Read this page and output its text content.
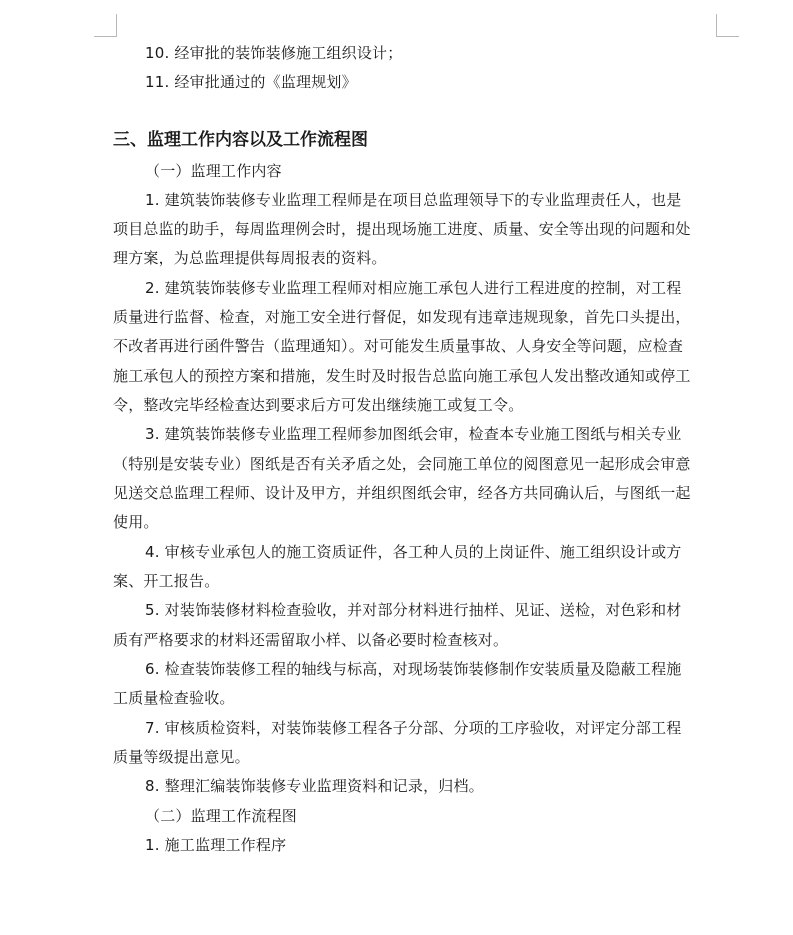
10. 经审批的装饰装修施工组织设计；
11. 经审批通过的《监理规划》
三、监理工作内容以及工作流程图
（一）监理工作内容
1. 建筑装饰装修专业监理工程师是在项目总监理领导下的专业监理责任人，也是
项目总监的助手，每周监理例会时，提出现场施工进度、质量、安全等出现的问题和处
理方案，为总监理提供每周报表的资料。
2. 建筑装饰装修专业监理工程师对相应施工承包人进行工程进度的控制，对工程
质量进行监督、检查，对施工安全进行督促，如发现有违章违规现象，首先口头提出，
不改者再进行函件警告（监理通知）。对可能发生质量事故、人身安全等问题，应检查
施工承包人的预控方案和措施，发生时及时报告总监向施工承包人发出整改通知或停工
令，整改完毕经检查达到要求后方可发出继续施工或复工令。
3. 建筑装饰装修专业监理工程师参加图纸会审，检查本专业施工图纸与相关专业
（特别是安装专业）图纸是否有关矛盾之处，会同施工单位的阅图意见一起形成会审意
见送交总监理工程师、设计及甲方，并组织图纸会审，经各方共同确认后，与图纸一起
使用。
4. 审核专业承包人的施工资质证件，各工种人员的上岗证件、施工组织设计或方
案、开工报告。
5. 对装饰装修材料检查验收，并对部分材料进行抽样、见证、送检，对色彩和材
质有严格要求的材料还需留取小样、以备必要时检查核对。
6. 检查装饰装修工程的轴线与标高，对现场装饰装修制作安装质量及隐蔽工程施
工质量检查验收。
7. 审核质检资料，对装饰装修工程各子分部、分项的工序验收，对评定分部工程
质量等级提出意见。
8. 整理汇编装饰装修专业监理资料和记录，归档。
（二）监理工作流程图
1. 施工监理工作程序
